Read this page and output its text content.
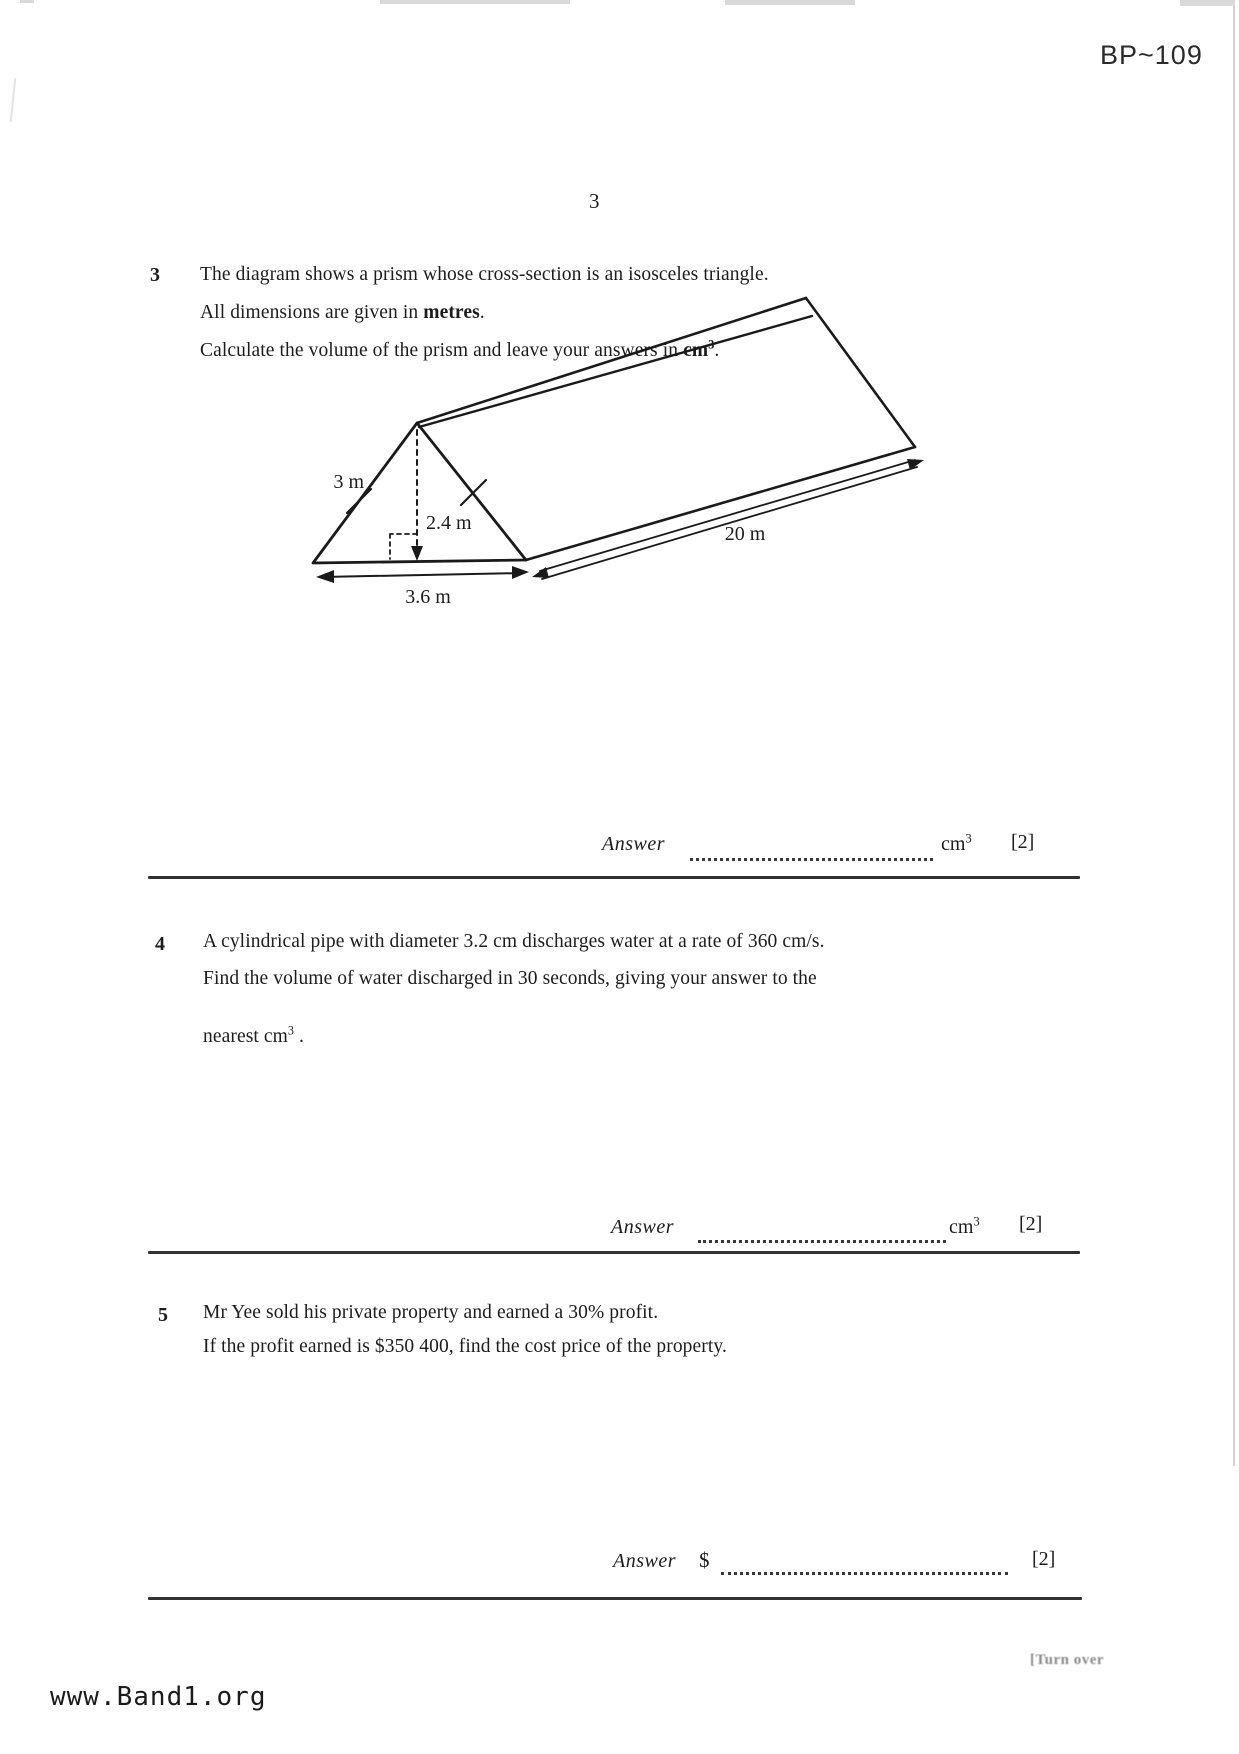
BP~109
3
3 The diagram shows a prism whose cross-section is an isosceles triangle.
All dimensions are given in metres.
Calculate the volume of the prism and leave your answers in $cm^3$.
3 m
2.4 m
3.6 m
20 m
Answer	$cm^3$ [2]
4 A cylindrical pipe with diameter 3.2 cm discharges water at a rate of 360 cm/s.
Find the volume of water discharged in 30 seconds, giving your answer to the
nearest $cm^3$ .
Answer	$cm^3$ [2]
5 Mr Yee sold his private property and earned a 30% profit.
If the profit earned is $350 400, find the cost price of the property.
Answer $	[2]
[Turn over
www.Band1.org
